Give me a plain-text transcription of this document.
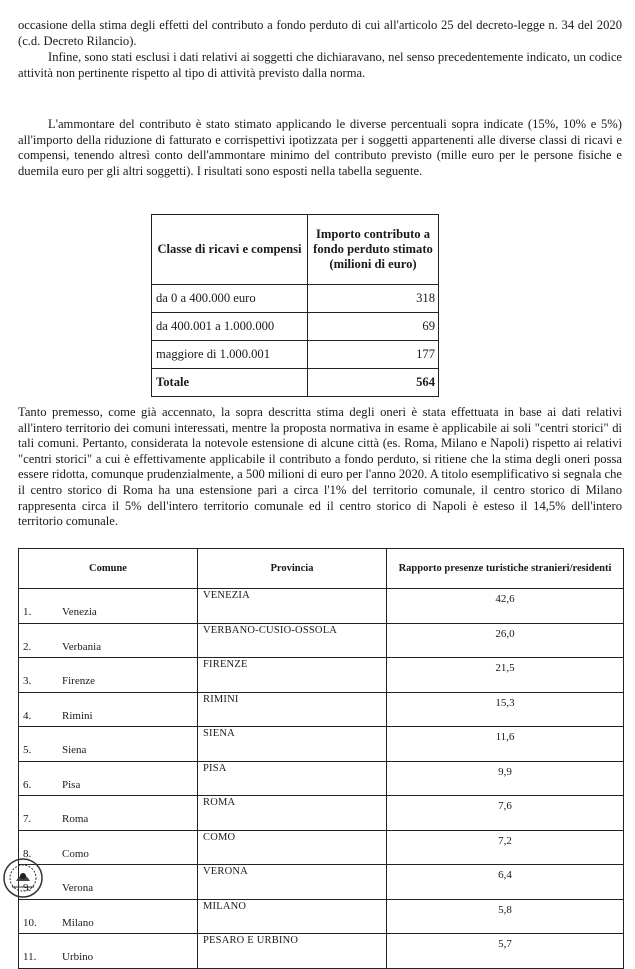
occasione della stima degli effetti del contributo a fondo perduto di cui all'articolo 25 del decreto-legge n. 34 del 2020 (c.d. Decreto Rilancio).

Infine, sono stati esclusi i dati relativi ai soggetti che dichiaravano, nel senso precedentemente indicato, un codice attività non pertinente rispetto al tipo di attività previsto dalla norma.

L'ammontare del contributo è stato stimato applicando le diverse percentuali sopra indicate (15%, 10% e 5%) all'importo della riduzione di fatturato e corrispettivi ipotizzata per i soggetti appartenenti alle diverse classi di ricavi e compensi, tenendo altresì conto dell'ammontare minimo del contributo previsto (mille euro per le persone fisiche e duemila euro per gli altri soggetti). I risultati sono esposti nella tabella seguente.

Classe di ricavi e compensi	Importo contributo a fondo perduto stimato (milioni di euro)
da 0 a 400.000 euro	318
da 400.001 a 1.000.000	69
maggiore di 1.000.001	177
Totale	564

Tanto premesso, come già accennato, la sopra descritta stima degli oneri è stata effettuata in base ai dati relativi all'intero territorio dei comuni interessati, mentre la proposta normativa in esame è applicabile ai soli "centri storici" di tali comuni. Pertanto, considerata la notevole estensione di alcune città (es. Roma, Milano e Napoli) rispetto ai relativi "centri storici" a cui è effettivamente applicabile il contributo a fondo perduto, si ritiene che la stima degli oneri possa essere ridotta, comunque prudenzialmente, a 500 milioni di euro per l'anno 2020. A titolo esemplificativo si segnala che il centro storico di Roma ha una estensione pari a circa l'1% del territorio comunale, il centro storico di Milano rappresenta circa il 5% dell'intero territorio comunale ed il centro storico di Napoli è esteso il 14,5% dell'intero territorio comunale.

Comune	Provincia	Rapporto presenze turistiche stranieri/residenti

1. Venezia	VENEZIA	42,6

2. Verbania	VERBANO-CUSIO-OSSOLA	26,0

3. Firenze	FIRENZE	21,5

4. Rimini	RIMINI	15,3

5. Siena	SIENA	11,6

6. Pisa	PISA	9,9

7. Roma	ROMA	7,6

8. Como	COMO	7,2

9. Verona	VERONA	6,4

10. Milano	MILANO	5,8

11. Urbino	PESARO E URBINO	5,7
